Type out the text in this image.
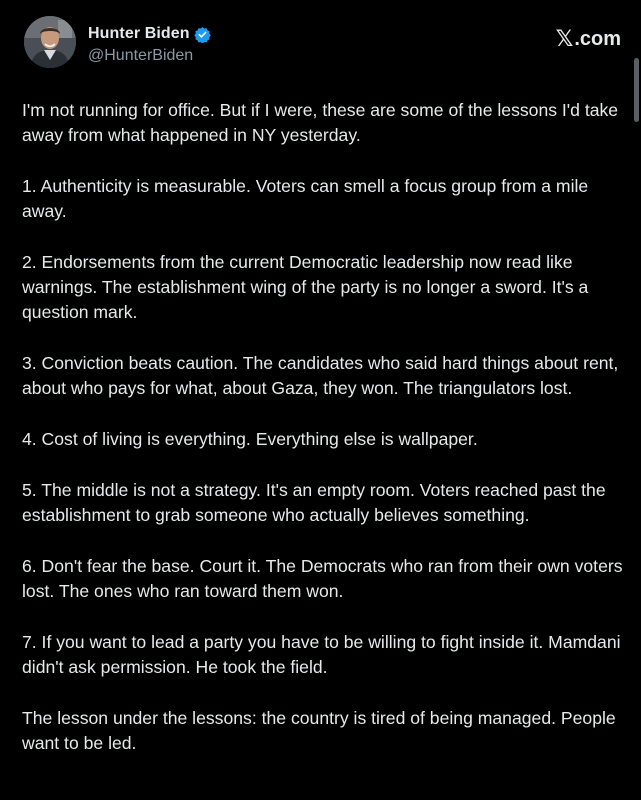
Hunter Biden
@HunterBiden
𝕏 .com

I'm not running for office. But if I were, these are some of the lessons I'd take away from what happened in NY yesterday.

1. Authenticity is measurable. Voters can smell a focus group from a mile away.

2. Endorsements from the current Democratic leadership now read like warnings. The establishment wing of the party is no longer a sword. It's a question mark.

3. Conviction beats caution. The candidates who said hard things about rent, about who pays for what, about Gaza, they won. The triangulators lost.

4. Cost of living is everything. Everything else is wallpaper.

5. The middle is not a strategy. It's an empty room. Voters reached past the establishment to grab someone who actually believes something.

6. Don't fear the base. Court it. The Democrats who ran from their own voters lost. The ones who ran toward them won.

7. If you want to lead a party you have to be willing to fight inside it. Mamdani didn't ask permission. He took the field.

The lesson under the lessons: the country is tired of being managed. People want to be led.
